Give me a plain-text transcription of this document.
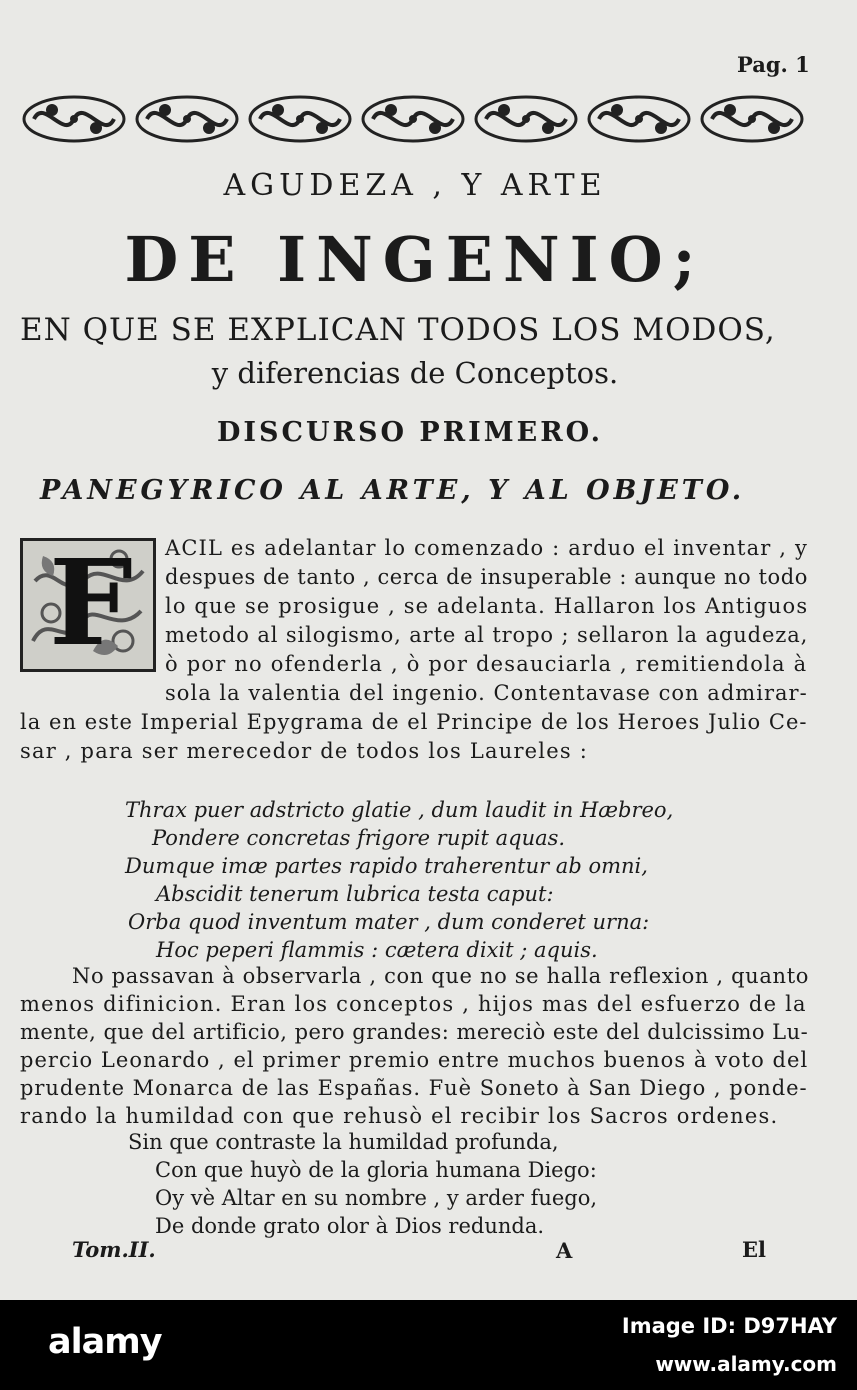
Pag. 1
AGUDEZA , Y ARTE
DE INGENIO;
EN QUE SE EXPLICAN TODOS LOS MODOS,
y diferencias de Conceptos.
DISCURSO PRIMERO.
PANEGYRICO AL ARTE, Y AL OBJETO.
F ACIL es adelantar lo comenzado : arduo el inventar , y
despues de tanto , cerca de insuperable : aunque no todo
lo que se prosigue , se adelanta. Hallaron los Antiguos
metodo al silogismo, arte al tropo ; sellaron la agudeza,
ò por no ofenderla , ò por desauciarla , remitiendola à
sola la valentia del ingenio. Contentavase con admirar-
la en este Imperial Epygrama de el Principe de los Heroes Julio Ce-
sar , para ser merecedor de todos los Laureles :
Thrax puer adstricto glatie , dum laudit in Hæbreo,
Pondere concretas frigore rupit aquas.
Dumque imæ partes rapido traherentur ab omni,
Abscidit tenerum lubrica testa caput:
Orba quod inventum mater , dum conderet urna:
Hoc peperi flammis : cætera dixit ; aquis.
No passavan à observarla , con que no se halla reflexion , quanto
menos difinicion. Eran los conceptos , hijos mas del esfuerzo de la
mente, que del artificio, pero grandes: mereciò este del dulcissimo Lu-
percio Leonardo , el primer premio entre muchos buenos à voto del
prudente Monarca de las Españas. Fuè Soneto à San Diego , ponde-
rando la humildad con que rehusò el recibir los Sacros ordenes.
Sin que contraste la humildad profunda,
Con que huyò de la gloria humana Diego:
Oy vè Altar en su nombre , y arder fuego,
De donde grato olor à Dios redunda.
Tom.II.	A	El
alamy	Image ID: D97HAY
www.alamy.com
